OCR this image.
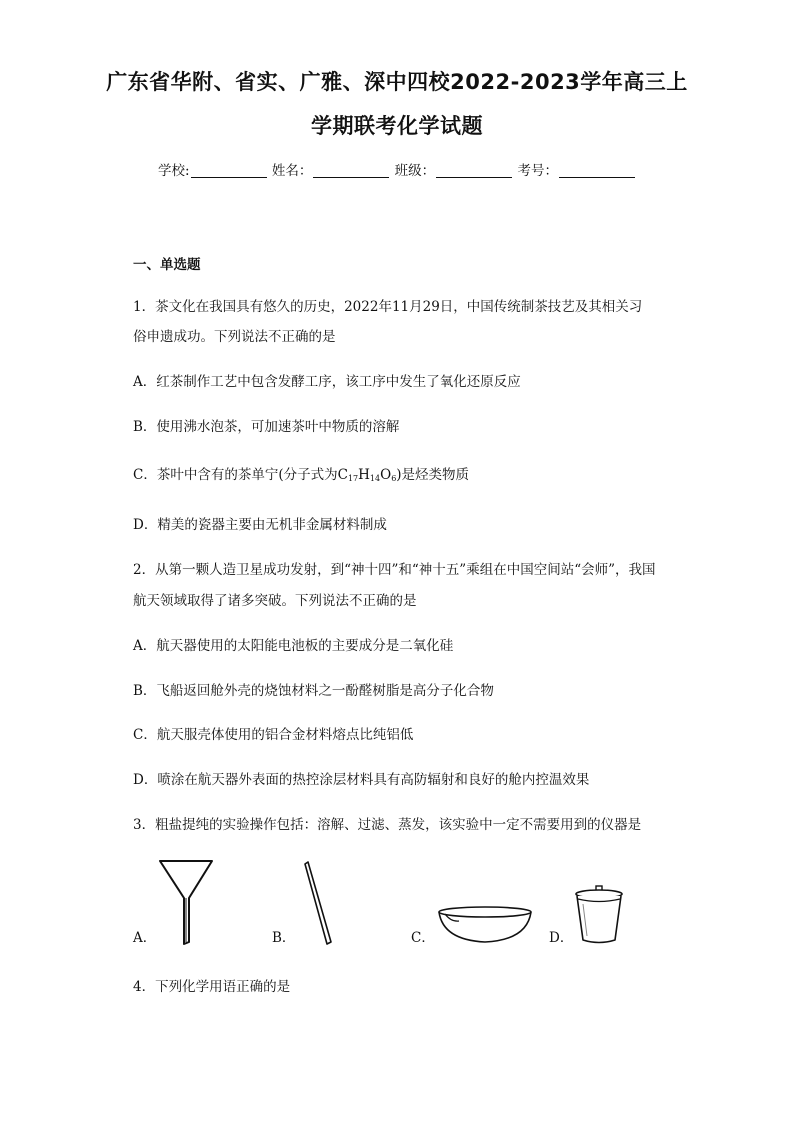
广东省华附、省实、广雅、深中四校2022-2023学年高三上
学期联考化学试题
学校:	姓名：	班级：	考号：
一、单选题
1．茶文化在我国具有悠久的历史，2022年11月29日，中国传统制茶技艺及其相关习
俗申遗成功。下列说法不正确的是
A．红茶制作工艺中包含发酵工序，该工序中发生了氧化还原反应
B．使用沸水泡茶，可加速茶叶中物质的溶解
C．茶叶中含有的茶单宁(分子式为$C_{17}H_{14}O_6$)是烃类物质
D．精美的瓷器主要由无机非金属材料制成
2．从第一颗人造卫星成功发射，到“神十四”和“神十五”乘组在中国空间站“会师”，我国
航天领域取得了诸多突破。下列说法不正确的是
A．航天器使用的太阳能电池板的主要成分是二氧化硅
B．飞船返回舱外壳的烧蚀材料之一酚醛树脂是高分子化合物
C．航天服壳体使用的铝合金材料熔点比纯铝低
D．喷涂在航天器外表面的热控涂层材料具有高防辐射和良好的舱内控温效果
3．粗盐提纯的实验操作包括：溶解、过滤、蒸发，该实验中一定不需要用到的仪器是
A．	B．	C．	D．
4．下列化学用语正确的是
